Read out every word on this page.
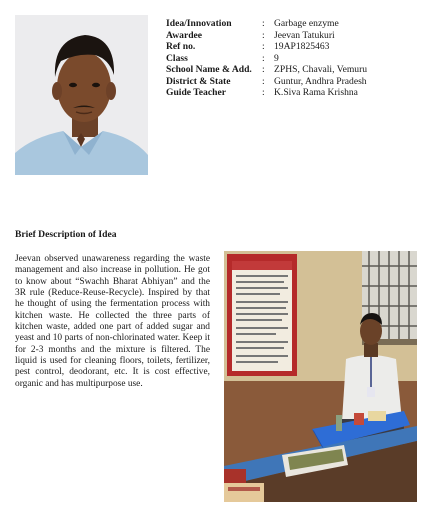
Idea/Innovation	: Garbage enzyme
Awardee	: Jeevan Tatukuri
Ref no.	: 19AP1825463
Class	: 9
School Name & Add.	: ZPHS, Chavali, Vemuru
District & State	: Guntur, Andhra Pradesh
Guide Teacher	: K.Siva Rama Krishna
Brief Description of Idea
Jeevan observed unawareness regarding the waste management and also increase in pollution. He got to know about “Swachh Bharat Abhiyan” and the 3R rule (Reduce-Reuse-Recycle). Inspired by that he thought of using the fermentation process with kitchen waste. He collected the three parts of kitchen waste, added one part of added sugar and yeast and 10 parts of non-chlorinated water. Keep it for 2-3 months and the mixture is filtered. The liquid is used for cleaning floors, toilets, fertilizer, pest control, deodorant, etc. It is cost effective, organic and has multipurpose use.
